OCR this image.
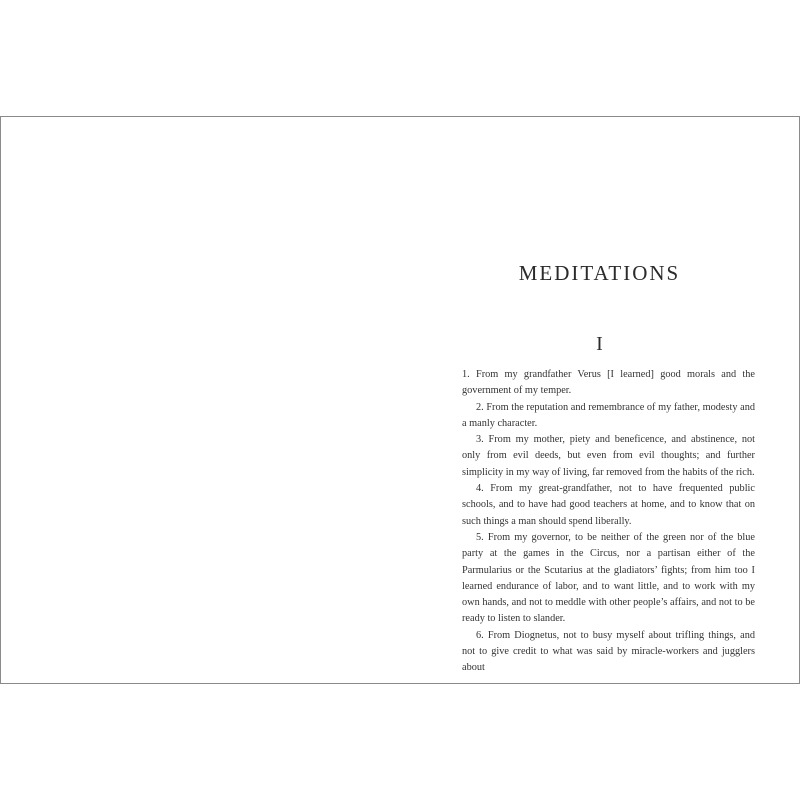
MEDITATIONS
I

1. From my grandfather Verus [I learned] good morals and the government of my temper.

2. From the reputation and remembrance of my father, modesty and a manly character.

3. From my mother, piety and beneficence, and abstinence, not only from evil deeds, but even from evil thoughts; and further simplicity in my way of living, far removed from the habits of the rich.

4. From my great-grandfather, not to have frequented public schools, and to have had good teachers at home, and to know that on such things a man should spend liberally.

5. From my governor, to be neither of the green nor of the blue party at the games in the Circus, nor a partisan either of the Parmularius or the Scutarius at the gladiators’ fights; from him too I learned endurance of labor, and to want little, and to work with my own hands, and not to meddle with other people’s affairs, and not to be ready to listen to slander.

6. From Diognetus, not to busy myself about trifling things, and not to give credit to what was said by miracle-workers and jugglers about
